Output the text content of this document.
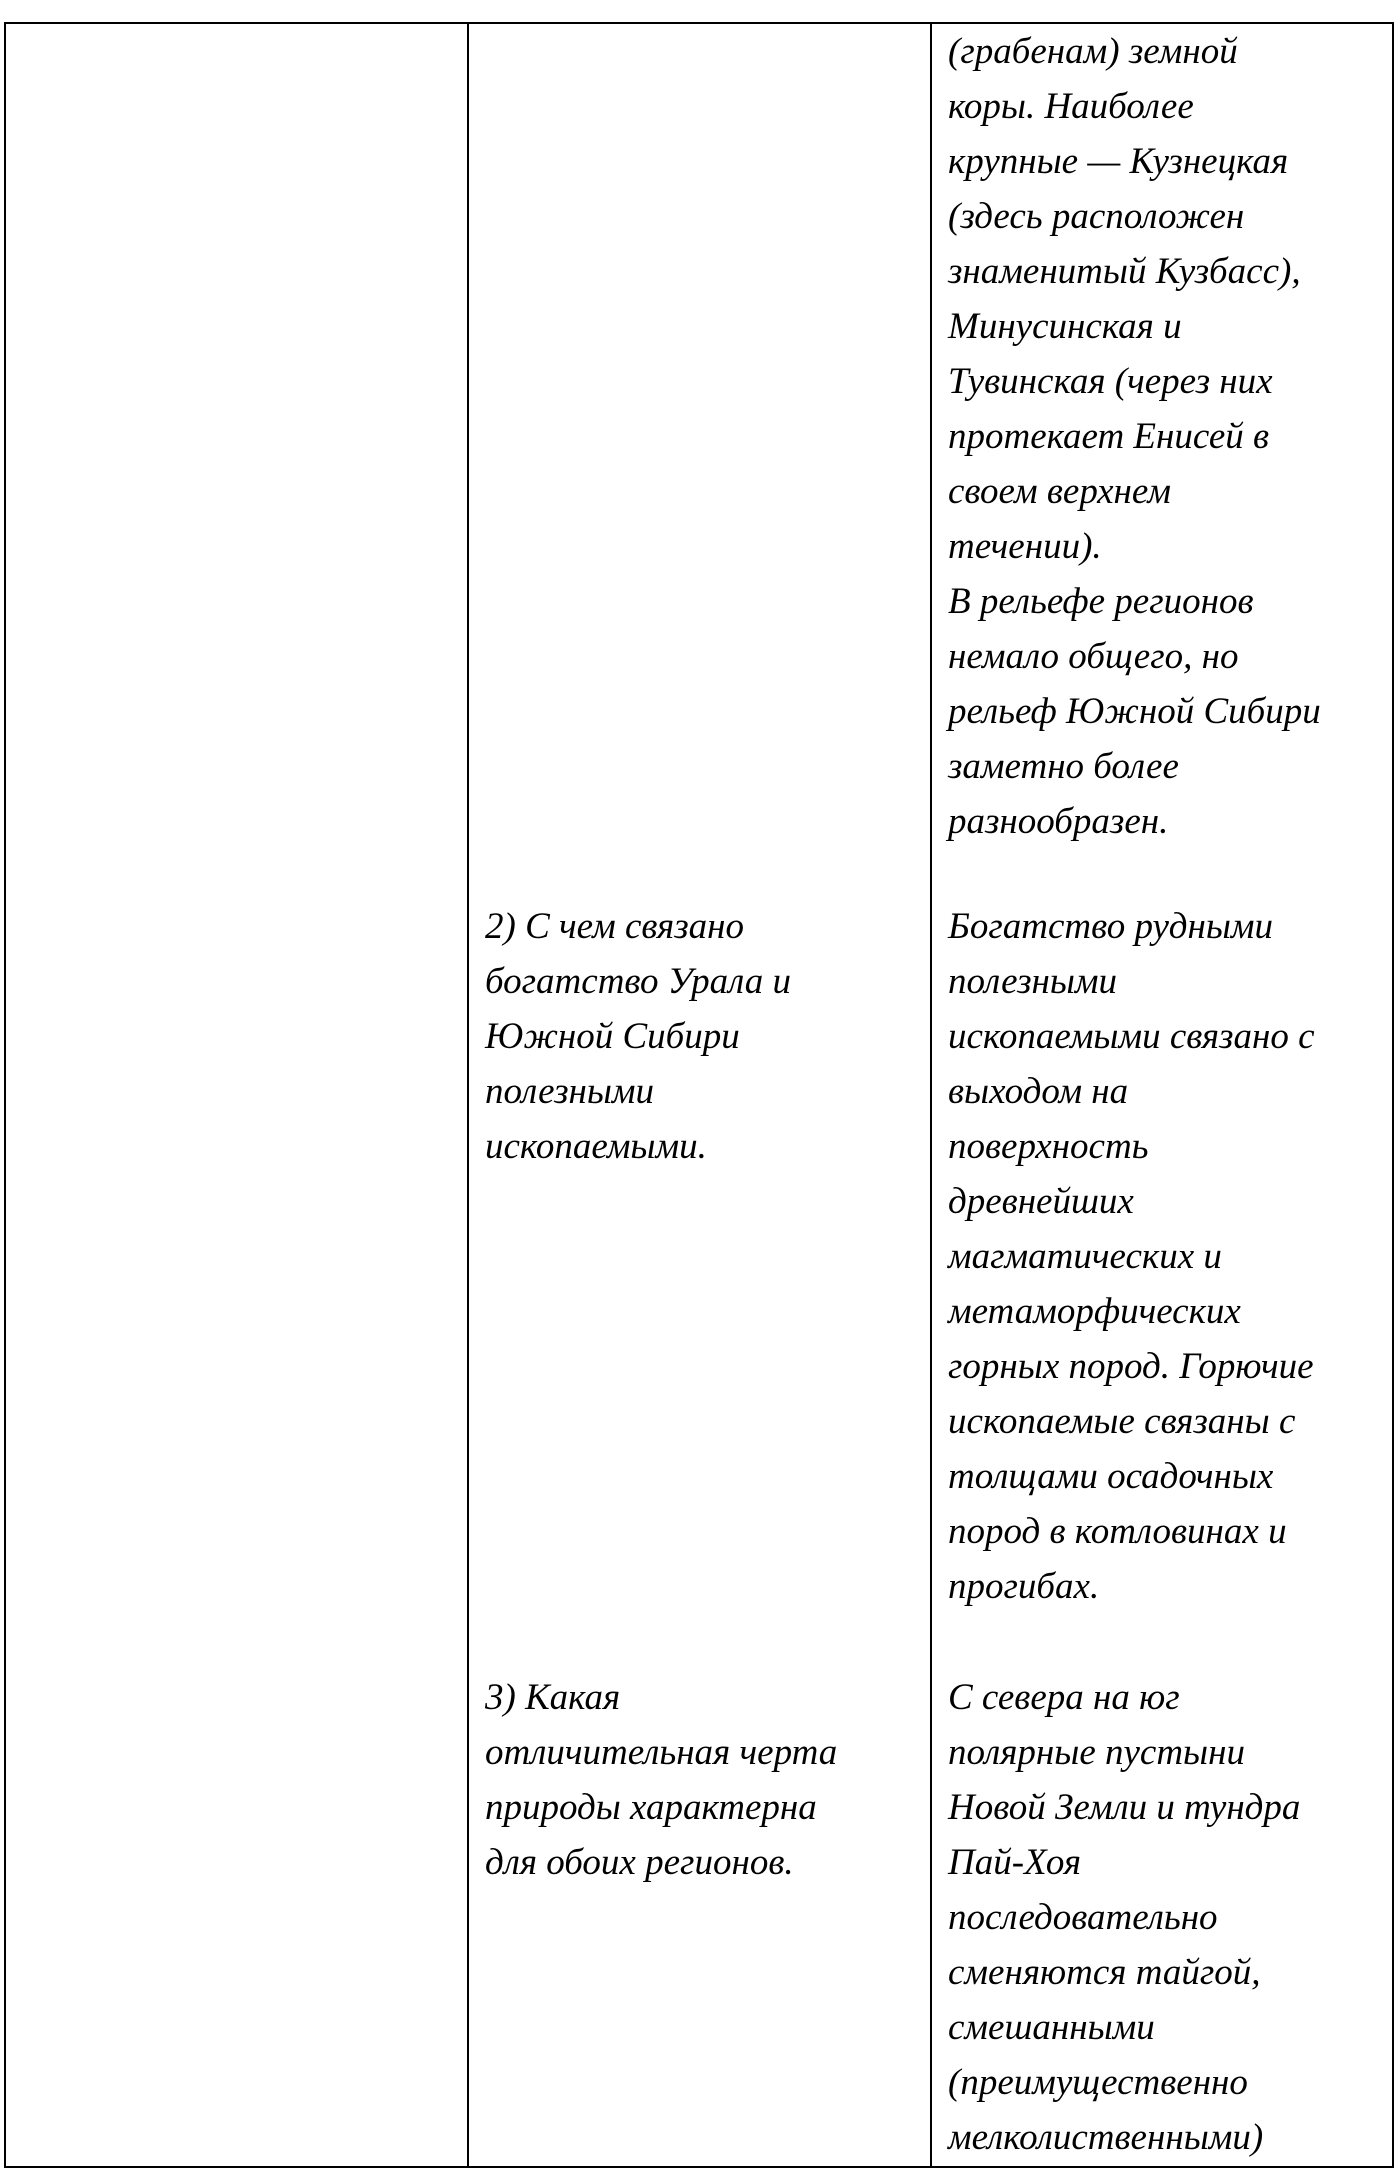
(грабенам) земной
коры. Наиболее
крупные — Кузнецкая
(здесь расположен
знаменитый Кузбасс),
Минусинская и
Тувинская (через них
протекает Енисей в
своем верхнем
течении).
В рельефе регионов
немало общего, но
рельеф Южной Сибири
заметно более
разнообразен.

2) С чем связано
богатство Урала и
Южной Сибири
полезными
ископаемыми.

Богатство рудными
полезными
ископаемыми связано с
выходом на
поверхность
древнейших
магматических и
метаморфических
горных пород. Горючие
ископаемые связаны с
толщами осадочных
пород в котловинах и
прогибах.

3) Какая
отличительная черта
природы характерна
для обоих регионов.

С севера на юг
полярные пустыни
Новой Земли и тундра
Пай-Хоя
последовательно
сменяются тайгой,
смешанными
(преимущественно
мелколиственными)
